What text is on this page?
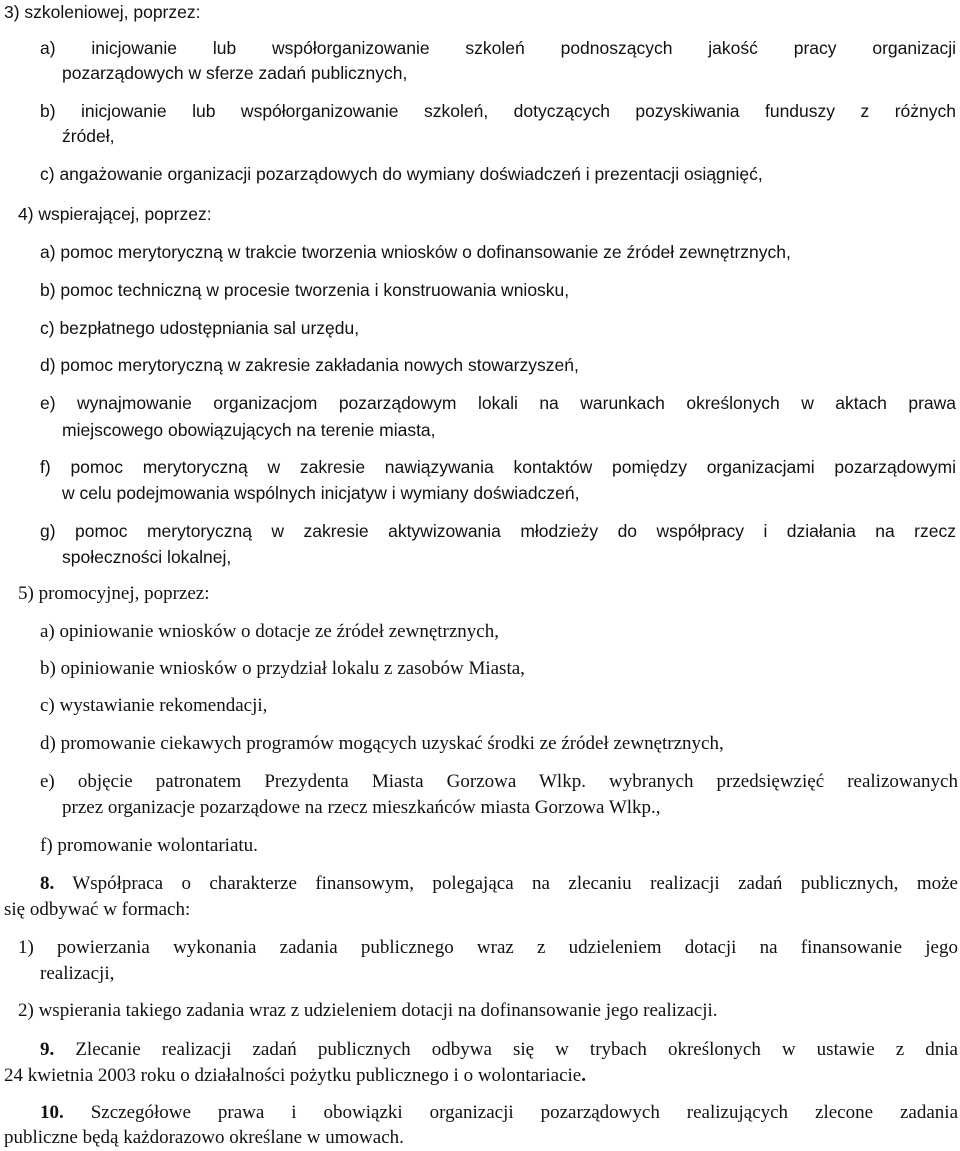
3) szkoleniowej, poprzez:

a) inicjowanie lub współorganizowanie szkoleń podnoszących jakość pracy organizacji

pozarządowych w sferze zadań publicznych,

b) inicjowanie lub współorganizowanie szkoleń, dotyczących pozyskiwania funduszy z różnych

źródeł,

c) angażowanie organizacji pozarządowych do wymiany doświadczeń i prezentacji osiągnięć,

4) wspierającej, poprzez:

a) pomoc merytoryczną w trakcie tworzenia wniosków o dofinansowanie ze źródeł zewnętrznych,

b) pomoc techniczną w procesie tworzenia i konstruowania wniosku,

c) bezpłatnego udostępniania sal urzędu,

d) pomoc merytoryczną w zakresie zakładania nowych stowarzyszeń,

e) wynajmowanie organizacjom pozarządowym lokali na warunkach określonych w aktach prawa

miejscowego obowiązujących na terenie miasta,

f) pomoc merytoryczną w zakresie nawiązywania kontaktów pomiędzy organizacjami pozarządowymi

w celu podejmowania wspólnych inicjatyw i wymiany doświadczeń,

g) pomoc merytoryczną w zakresie aktywizowania młodzieży do współpracy i działania na rzecz

społeczności lokalnej,

5) promocyjnej, poprzez:

a) opiniowanie wniosków o dotacje ze źródeł zewnętrznych,

b) opiniowanie wniosków o przydział lokalu z zasobów Miasta,

c) wystawianie rekomendacji,

d) promowanie ciekawych programów mogących uzyskać środki ze źródeł zewnętrznych,

e) objęcie patronatem Prezydenta Miasta Gorzowa Wlkp. wybranych przedsięwzięć realizowanych

przez organizacje pozarządowe na rzecz mieszkańców miasta Gorzowa Wlkp.,

f) promowanie wolontariatu.

8. Współpraca o charakterze finansowym, polegająca na zlecaniu realizacji zadań publicznych, może

się odbywać w formach:

1) powierzania wykonania zadania publicznego wraz z udzieleniem dotacji na finansowanie jego

realizacji,

2) wspierania takiego zadania wraz z udzieleniem dotacji na dofinansowanie jego realizacji.

9. Zlecanie realizacji zadań publicznych odbywa się w trybach określonych w ustawie z dnia

24 kwietnia 2003 roku o działalności pożytku publicznego i o wolontariacie.

10. Szczegółowe prawa i obowiązki organizacji pozarządowych realizujących zlecone zadania

publiczne będą każdorazowo określane w umowach.
